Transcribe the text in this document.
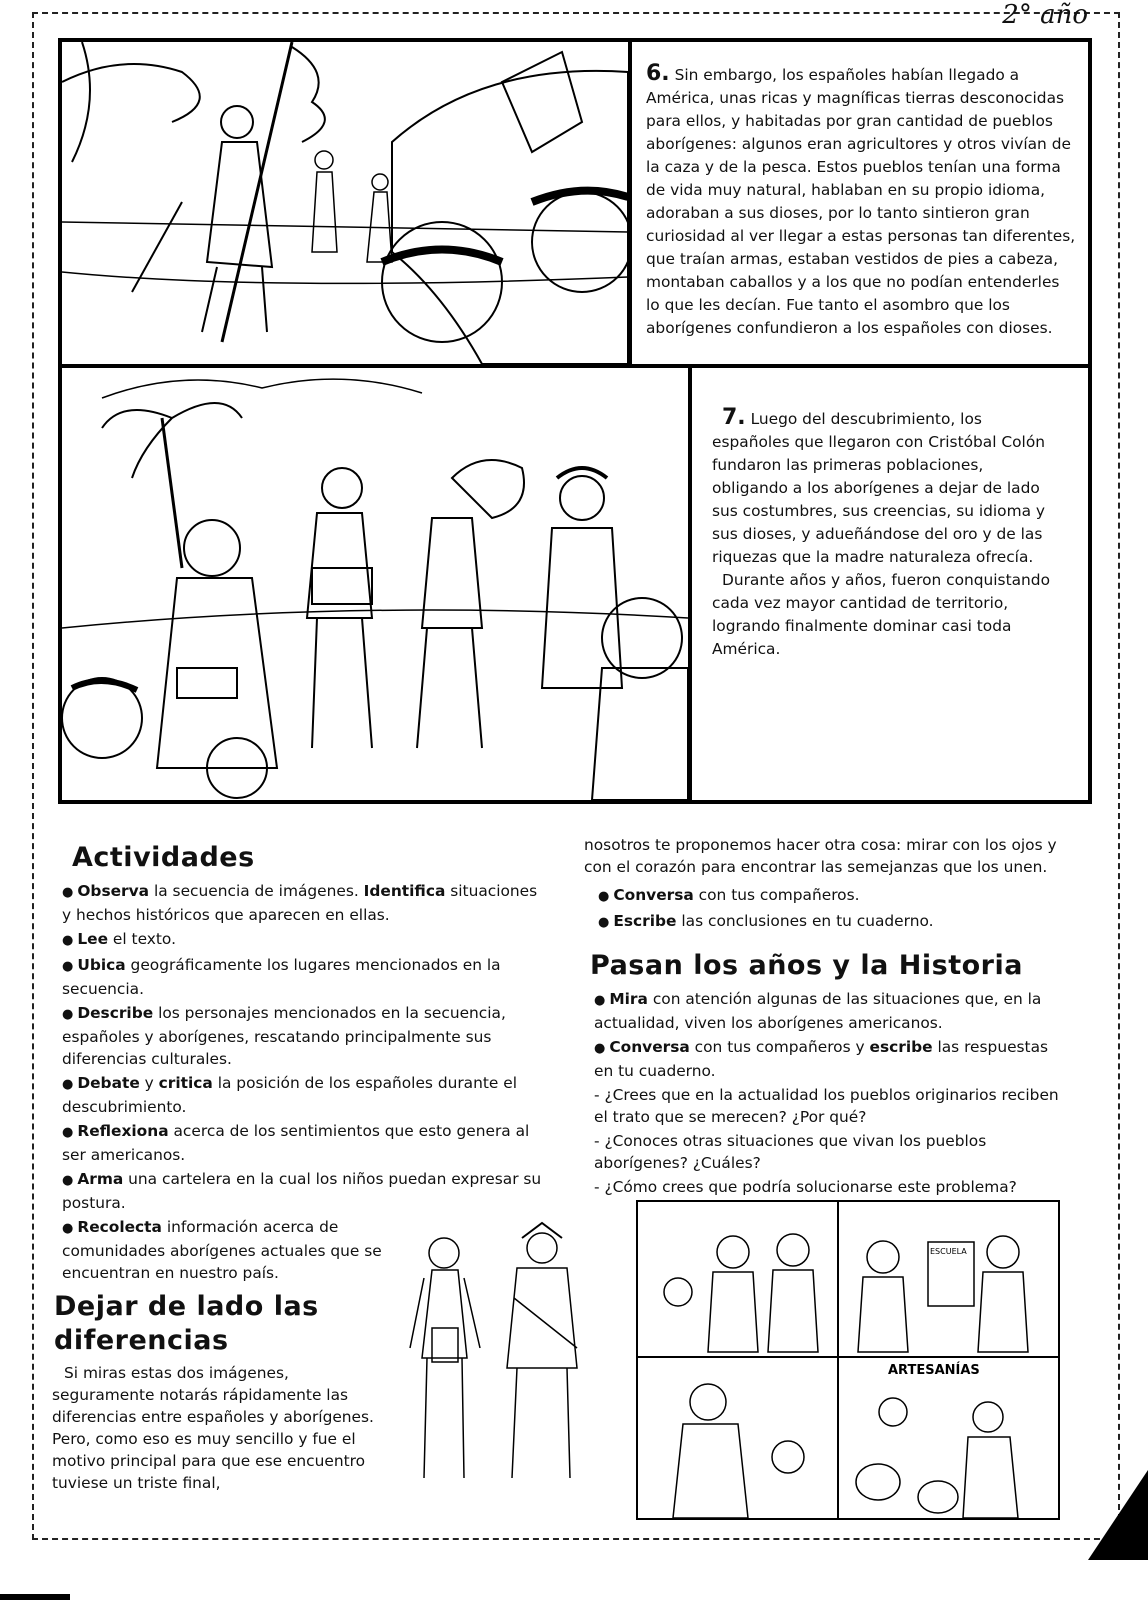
2° año
6. Sin embargo, los españoles habían llegado a América, unas ricas y magníficas tierras desconocidas para ellos, y habitadas por gran cantidad de pueblos aborígenes: algunos eran agricultores y otros vivían de la caza y de la pesca. Estos pueblos tenían una forma de vida muy natural, hablaban en su propio idioma, adoraban a sus dioses, por lo tanto sintieron gran curiosidad al ver llegar a estas personas tan diferentes, que traían armas, estaban vestidos de pies a cabeza, montaban caballos y a los que no podían entenderles lo que les decían. Fue tanto el asombro que los aborígenes confundieron a los españoles con dioses.

7. Luego del descubrimiento, los españoles que llegaron con Cristóbal Colón fundaron las primeras poblaciones, obligando a los aborígenes a dejar de lado sus costumbres, sus creencias, su idioma y sus dioses, y adueñándose del oro y de las riquezas que la madre naturaleza ofrecía.

Durante años y años, fueron conquistando cada vez mayor cantidad de territorio, logrando finalmente dominar casi toda América.

Actividades

● Observa la secuencia de imágenes. Identifica situaciones y hechos históricos que aparecen en ellas.

● Lee el texto.

● Ubica geográficamente los lugares mencionados en la secuencia.

● Describe los personajes mencionados en la secuencia, españoles y aborígenes, rescatando principalmente sus diferencias culturales.

● Debate y critica la posición de los españoles durante el descubrimiento.

● Reflexiona acerca de los sentimientos que esto genera al ser americanos.

● Arma una cartelera en la cual los niños puedan expresar su postura.

● Recolecta información acerca de comunidades aborígenes actuales que se encuentran en nuestro país.

Dejar de lado las diferencias
Si miras estas dos imágenes, seguramente notarás rápidamente las diferencias entre españoles y aborígenes. Pero, como eso es muy sencillo y fue el motivo principal para que ese encuentro tuviese un triste final,

nosotros te proponemos hacer otra cosa: mirar con los ojos y con el corazón para encontrar las semejanzas que los unen.

● Conversa con tus compañeros.

● Escribe las conclusiones en tu cuaderno.

Pasan los años y la Historia

● Mira con atención algunas de las situaciones que, en la actualidad, viven los aborígenes americanos.

● Conversa con tus compañeros y escribe las respuestas en tu cuaderno.

- ¿Crees que en la actualidad los pueblos originarios reciben el trato que se merecen? ¿Por qué?

- ¿Conoces otras situaciones que vivan los pueblos aborígenes? ¿Cuáles?

- ¿Cómo crees que podría solucionarse este problema?

ESCUELA
ARTESANÍAS
